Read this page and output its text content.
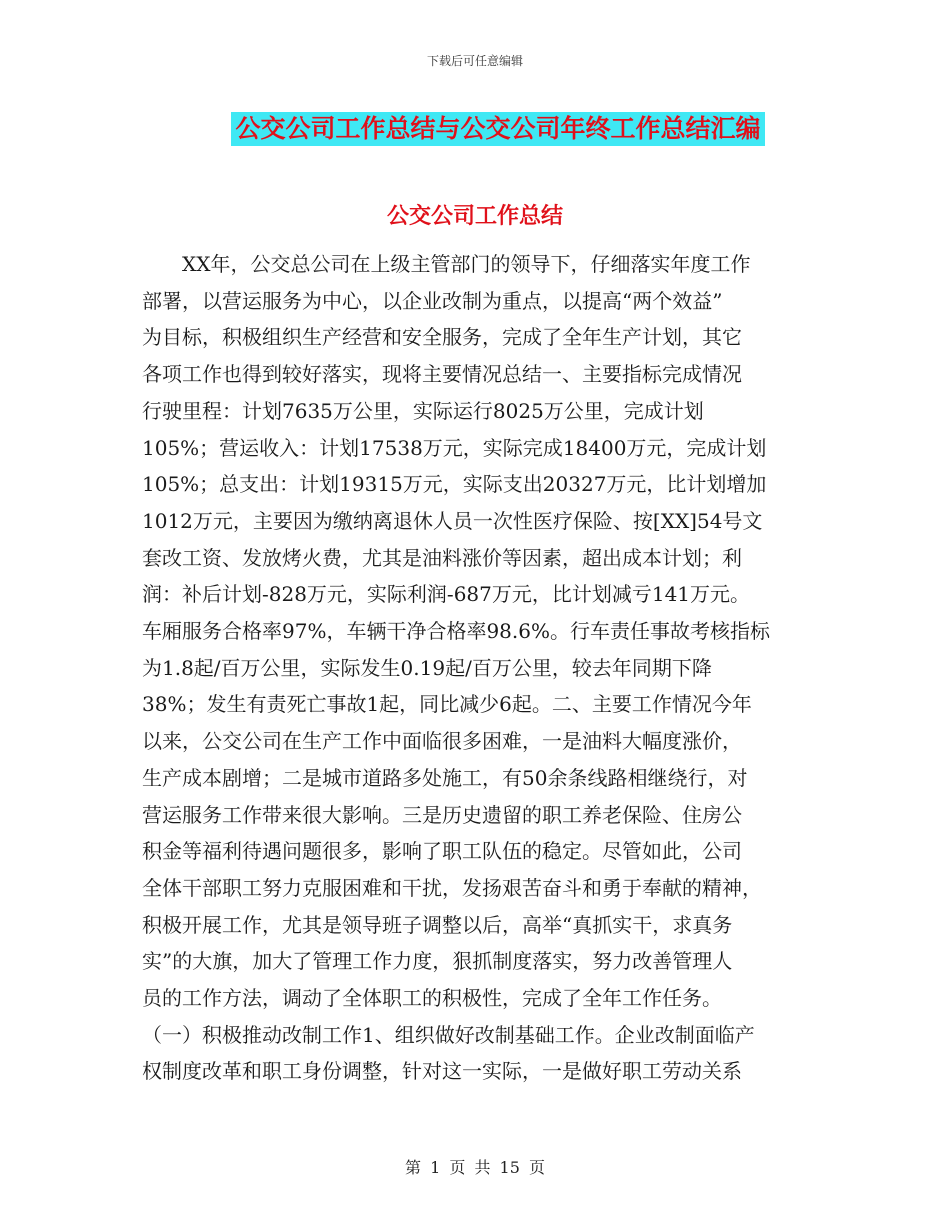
下载后可任意编辑
公交公司工作总结与公交公司年终工作总结汇编
公交公司工作总结
XX年，公交总公司在上级主管部门的领导下，仔细落实年度工作
部署，以营运服务为中心，以企业改制为重点，以提高“两个效益”
为目标，积极组织生产经营和安全服务，完成了全年生产计划，其它
各项工作也得到较好落实，现将主要情况总结一、主要指标完成情况
行驶里程：计划7635万公里，实际运行8025万公里，完成计划
105%；营运收入：计划17538万元，实际完成18400万元，完成计划
105%；总支出：计划19315万元，实际支出20327万元，比计划增加
1012万元，主要因为缴纳离退休人员一次性医疗保险、按[XX]54号文
套改工资、发放烤火费，尤其是油料涨价等因素，超出成本计划；利
润：补后计划-828万元，实际利润-687万元，比计划减亏141万元。
车厢服务合格率97%，车辆干净合格率98.6%。行车责任事故考核指标
为1.8起/百万公里，实际发生0.19起/百万公里，较去年同期下降
38%；发生有责死亡事故1起，同比减少6起。二、主要工作情况今年
以来，公交公司在生产工作中面临很多困难，一是油料大幅度涨价，
生产成本剧增；二是城市道路多处施工，有50余条线路相继绕行，对
营运服务工作带来很大影响。三是历史遗留的职工养老保险、住房公
积金等福利待遇问题很多，影响了职工队伍的稳定。尽管如此，公司
全体干部职工努力克服困难和干扰，发扬艰苦奋斗和勇于奉献的精神，
积极开展工作，尤其是领导班子调整以后，高举“真抓实干，求真务
实”的大旗，加大了管理工作力度，狠抓制度落实，努力改善管理人
员的工作方法，调动了全体职工的积极性，完成了全年工作任务。
（一）积极推动改制工作1、组织做好改制基础工作。企业改制面临产
权制度改革和职工身份调整，针对这一实际，一是做好职工劳动关系
第 1 页 共 15 页
